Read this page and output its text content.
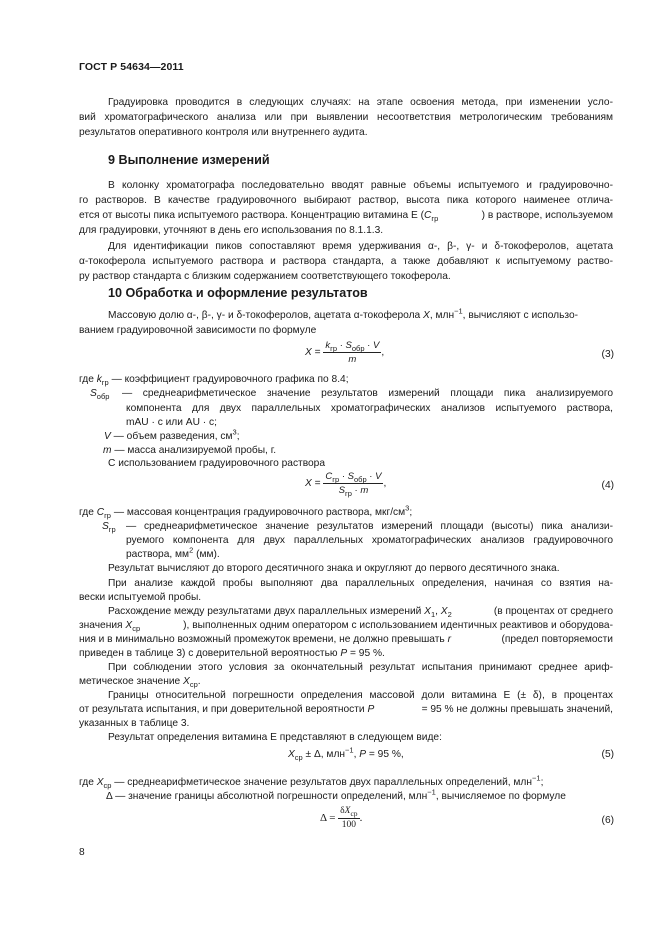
ГОСТ Р 54634—2011
Градуировка проводится в следующих случаях: на этапе освоения метода, при изменении усло-
вий хроматографического анализа или при выявлении несоответствия метрологическим требованиям
результатов оперативного контроля или внутреннего аудита.
9 Выполнение измерений
В колонку хроматографа последовательно вводят равные объемы испытуемого и градуировочно-
го растворов. В качестве градуировочного выбирают раствор, высота пика которого наименее отлича-
ется от высоты пика испытуемого раствора. Концентрацию витамина Е ($C_{гр}$	) в растворе, используемом
для градуировки, уточняют в день его использования по 8.1.1.3.
Для идентификации пиков сопоставляют время удерживания α-, β-, γ- и δ-токоферолов, ацетата
α-токоферола испытуемого раствора и раствора стандарта, а также добавляют к испытуемому раство-
ру раствор стандарта с близким содержанием соответствующего токоферола.
10 Обработка и оформление результатов
Массовую долю α-, β-, γ- и δ-токоферолов, ацетата α-токоферола X, млн$^{-1}$, вычисляют с использо-
ванием градуировочной зависимости по формуле
$X = \frac{k_{гр} \cdot S_{обр} \cdot V}{m}$ ,	(3)
где $k_{гр}$ — коэффициент градуировочного графика по 8.4;
$S_{обр}$	— среднеарифметическое значение результатов измерений площади пика анализируемого
компонента для двух параллельных хроматографических анализов испытуемого раствора,
mAU · c или AU · c;
V — объем разведения, $см^3$;
m — масса анализируемой пробы, г.
С использованием градуировочного раствора
$X = \frac{C_{гр} \cdot S_{обр} \cdot V}{S_{гр} \cdot m}$ ,	(4)
где $C_{гр}$ — массовая концентрация градуировочного раствора, мкг/$см^3$;
$S_{гр}$	— среднеарифметическое значение результатов измерений площади (высоты) пика анализи-
руемого компонента для двух параллельных хроматографических анализов градуировочного
раствора, $мм^2$ (мм).
Результат вычисляют до второго десятичного знака и округляют до первого десятичного знака.
При анализе каждой пробы выполняют два параллельных определения, начиная со взятия на-
вески испытуемой пробы.
Расхождение между результатами двух параллельных измерений $X_1$, $X_2$	(в процентах от среднего
значения $X_{ср}$	), выполненных одним оператором с использованием идентичных реактивов и оборудова-
ния и в минимально возможный промежуток времени, не должно превышать r	(предел повторяемости
приведен в таблице 3) с доверительной вероятностью P = 95 %.
При соблюдении этого условия за окончательный результат испытания принимают среднее ариф-
метическое значение $X_{ср}$.
Границы относительной погрешности определения массовой доли витамина Е (± δ), в процентах
от результата испытания, и при доверительной вероятности P	= 95 % не должны превышать значений,
указанных в таблице 3.
Результат определения витамина Е представляют в следующем виде:
$X_{ср} \pm \Delta$, млн$^{-1}$, P = 95 %,	(5)
где $X_{ср}$ — среднеарифметическое значение результатов двух параллельных определений, млн$^{-1}$;
Δ — значение границы абсолютной погрешности определений, млн$^{-1}$, вычисляемое по формуле
$\Delta = \frac{\delta X_{ср}}{100}$ .	(6)
8
